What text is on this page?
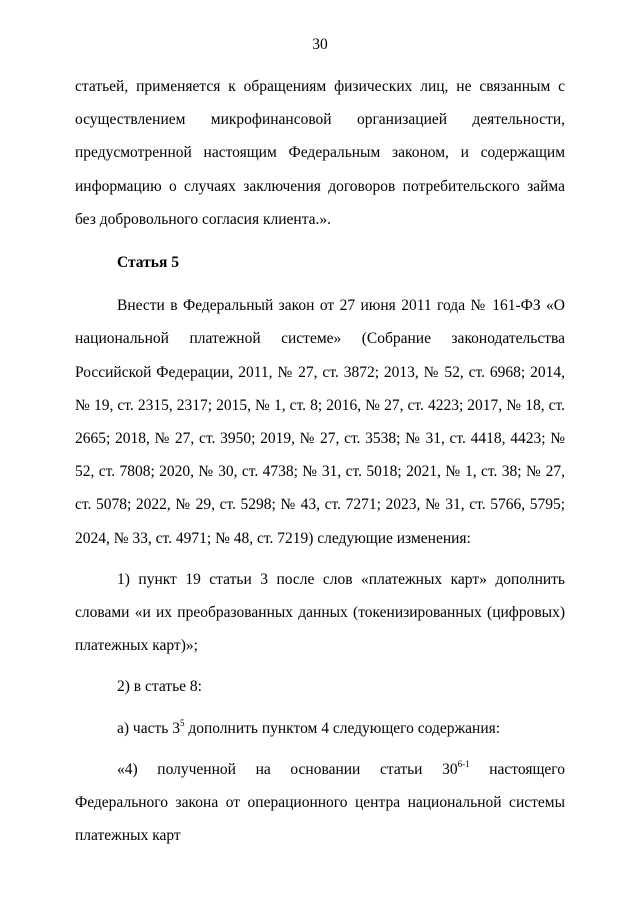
30

статьей, применяется к обращениям физических лиц, не связанным с осуществлением микрофинансовой организацией деятельности, предусмотренной настоящим Федеральным законом, и содержащим информацию о случаях заключения договоров потребительского займа без добровольного согласия клиента.».

Статья 5

Внести в Федеральный закон от 27 июня 2011 года № 161-ФЗ «О национальной платежной системе» (Собрание законодательства Российской Федерации, 2011, № 27, ст. 3872; 2013, № 52, ст. 6968; 2014, № 19, ст. 2315, 2317; 2015, № 1, ст. 8; 2016, № 27, ст. 4223; 2017, № 18, ст. 2665; 2018, № 27, ст. 3950; 2019, № 27, ст. 3538; № 31, ст. 4418, 4423; № 52, ст. 7808; 2020, № 30, ст. 4738; № 31, ст. 5018; 2021, № 1, ст. 38; № 27, ст. 5078; 2022, № 29, ст. 5298; № 43, ст. 7271; 2023, № 31, ст. 5766, 5795; 2024, № 33, ст. 4971; № 48, ст. 7219) следующие изменения:

1) пункт 19 статьи 3 после слов «платежных карт» дополнить словами «и их преобразованных данных (токенизированных (цифровых) платежных карт)»;

2) в статье 8:

а) часть $3^5$ дополнить пунктом 4 следующего содержания:

«4) полученной на основании статьи 30$^{6-1}$ настоящего Федерального закона от операционного центра национальной системы платежных карт
